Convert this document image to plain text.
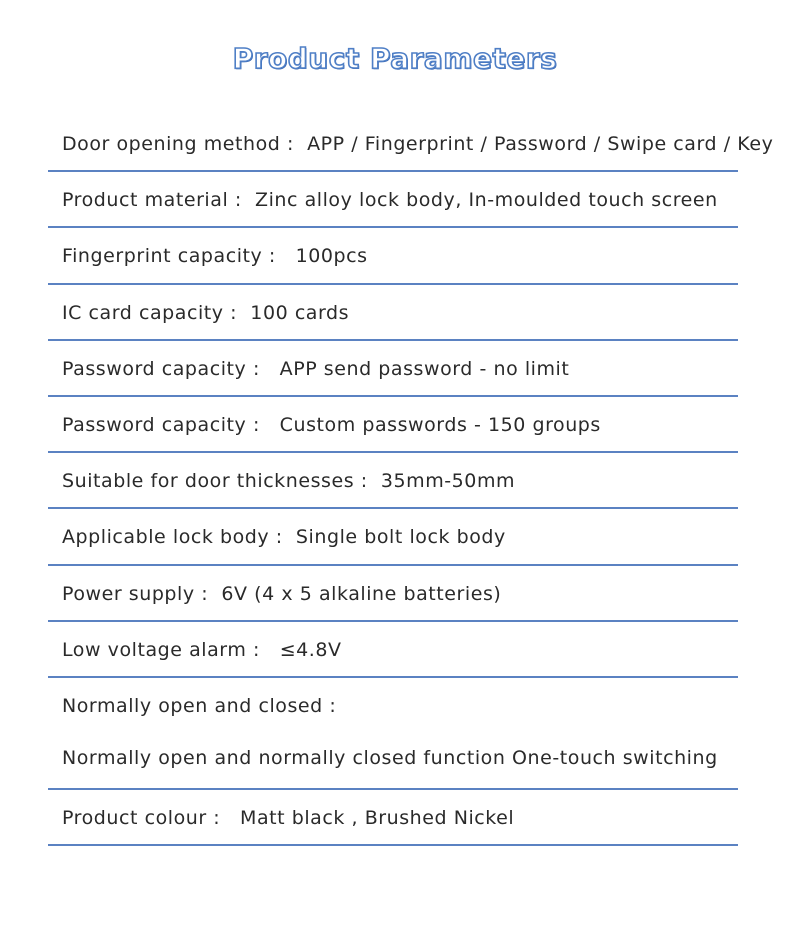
Product Parameters
Door opening method :  APP / Fingerprint / Password / Swipe card / Key
Product material :  Zinc alloy lock body, In-moulded touch screen
Fingerprint capacity :   100pcs
IC card capacity :  100 cards
Password capacity :   APP send password - no limit
Password capacity :   Custom passwords - 150 groups
Suitable for door thicknesses :  35mm-50mm
Applicable lock body :  Single bolt lock body
Power supply :  6V (4 x 5 alkaline batteries)
Low voltage alarm :   ≤4.8V
Normally open and closed :
Normally open and normally closed function One-touch switching
Product colour :   Matt black , Brushed Nickel
